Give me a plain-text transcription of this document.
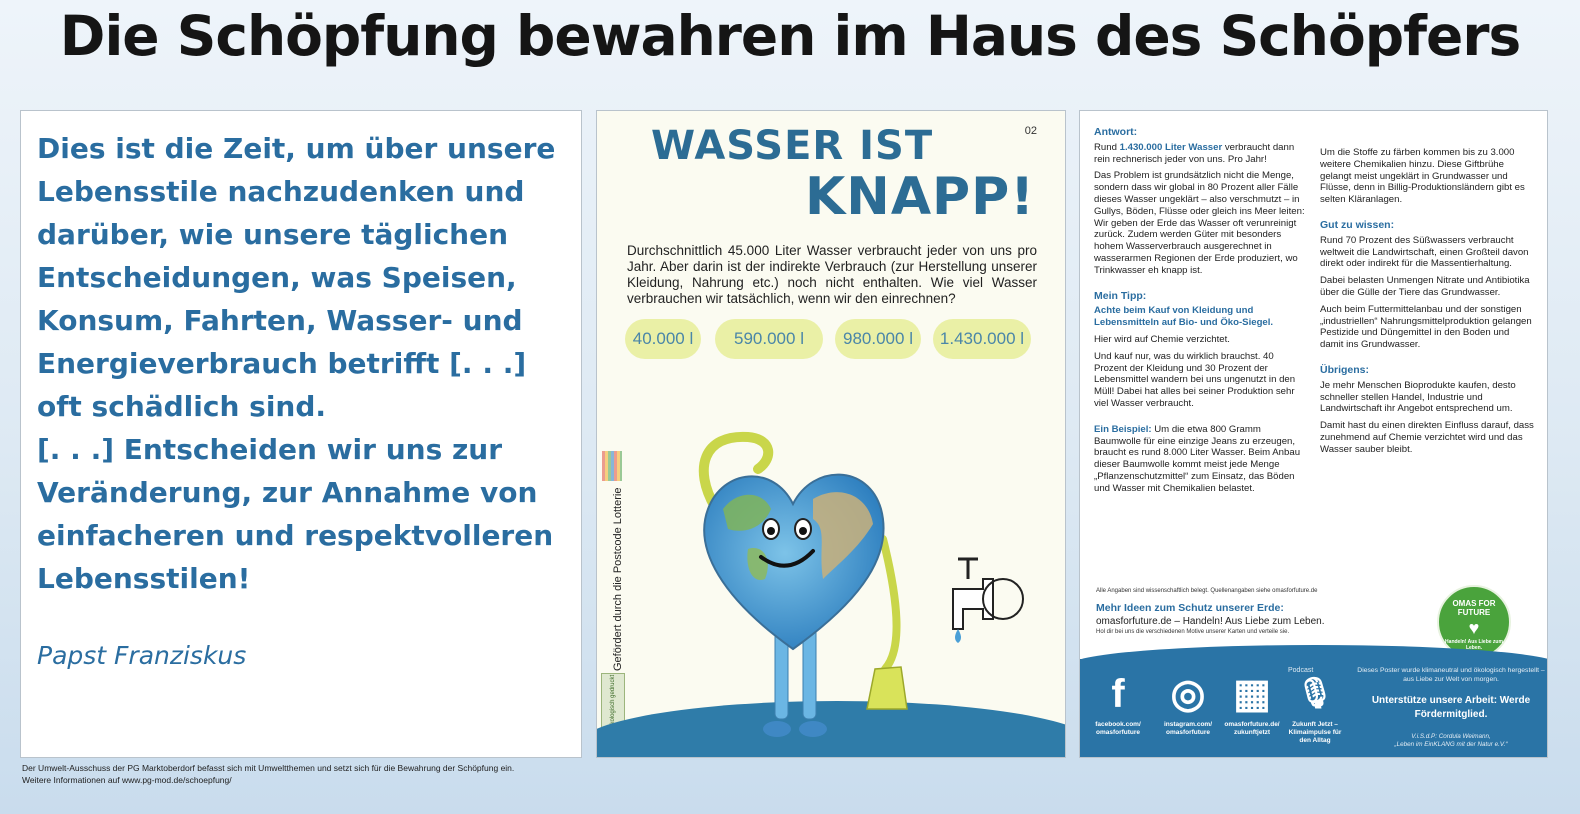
Die Schöpfung bewahren im Haus des Schöpfers
Dies ist die Zeit, um über unsere
Lebensstile nachzudenken und
darüber, wie unsere täglichen
Entscheidungen, was Speisen,
Konsum, Fahrten, Wasser- und
Energieverbrauch betrifft [. . .]
oft schädlich sind.
[. . .] Entscheiden wir uns zur
Veränderung, zur Annahme von
einfacheren und respektvolleren
Lebensstilen!
Papst Franziskus
02
WASSER IST
KNAPP!
Durchschnittlich 45.000 Liter Wasser verbraucht jeder von uns pro Jahr. Aber darin ist der indirekte Verbrauch (zur Herstellung unserer Kleidung, Nahrung etc.) noch nicht enthalten. Wie viel Wasser verbrauchen wir tatsächlich, wenn wir den einrechnen?
40.000 l	590.000 l	980.000 l	1.430.000 l
Gefördert durch die Postcode Lotterie
Ökologisch gedruckt
Antwort:

Rund 1.430.000 Liter Wasser verbraucht dann rein rechnerisch jeder von uns. Pro Jahr!

Das Problem ist grundsätzlich nicht die Menge, sondern dass wir global in 80 Prozent aller Fälle dieses Wasser ungeklärt – also verschmutzt – in Gullys, Böden, Flüsse oder gleich ins Meer leiten: Wir geben der Erde das Wasser oft verunreinigt zurück. Zudem werden Güter mit besonders hohem Wasserverbrauch ausgerechnet in wasserarmen Regionen der Erde produziert, wo Trinkwasser eh knapp ist.

Mein Tipp:

Achte beim Kauf von Kleidung und Lebensmitteln auf Bio- und Öko-Siegel.

Hier wird auf Chemie verzichtet.

Und kauf nur, was du wirklich brauchst. 40 Prozent der Kleidung und 30 Prozent der Lebensmittel wandern bei uns ungenutzt in den Müll! Dabei hat alles bei seiner Produktion sehr viel Wasser verbraucht.

Ein Beispiel: Um die etwa 800 Gramm Baumwolle für eine einzige Jeans zu erzeugen, braucht es rund 8.000 Liter Wasser. Beim Anbau dieser Baumwolle kommt meist jede Menge „Pflanzenschutzmittel“ zum Einsatz, das Böden und Wasser mit Chemikalien belastet.

Um die Stoffe zu färben kommen bis zu 3.000 weitere Chemikalien hinzu. Diese Giftbrühe gelangt meist ungeklärt in Grundwasser und Flüsse, denn in Billig-Produktionsländern gibt es selten Kläranlagen.

Gut zu wissen:

Rund 70 Prozent des Süßwassers verbraucht weltweit die Landwirtschaft, einen Großteil davon direkt oder indirekt für die Massentierhaltung.

Dabei belasten Unmengen Nitrate und Antibiotika über die Gülle der Tiere das Grundwasser.

Auch beim Futtermittelanbau und der sonstigen „industriellen“ Nahrungsmittelproduktion gelangen Pestizide und Düngemittel in den Boden und damit ins Grundwasser.

Übrigens:

Je mehr Menschen Bioprodukte kaufen, desto schneller stellen Handel, Industrie und Landwirtschaft ihr Angebot entsprechend um.

Damit hast du einen direkten Einfluss darauf, dass zunehmend auf Chemie verzichtet wird und das Wasser sauber bleibt.

Alle Angaben sind wissenschaftlich belegt. Quellenangaben siehe omasforfuture.de
Mehr Ideen zum Schutz unserer Erde:
omasforfuture.de – Handeln! Aus Liebe zum Leben.
Hol dir bei uns die verschiedenen Motive unserer Karten und verteile sie.
OMAS FOR FUTURE
♥
Handeln! Aus Liebe zum Leben.
f
facebook.com/ omasforfuture
◎
instagram.com/ omasforfuture
▦
omasforfuture.de/ zukunftjetzt
Podcast
🎙
Zukunft Jetzt – Klimaimpulse für den Alltag
Dieses Poster wurde klimaneutral und ökologisch hergestellt – aus Liebe zur Welt von morgen.
Unterstütze unsere Arbeit: Werde Fördermitglied.
V.i.S.d.P: Cordula Weimann,
„Leben im EinKLANG mit der Natur e.V.“
Der Umwelt-Ausschuss der PG Marktoberdorf befasst sich mit Umweltthemen und setzt sich für die Bewahrung der Schöpfung ein.
Weitere Informationen auf www.pg-mod.de/schoepfung/
